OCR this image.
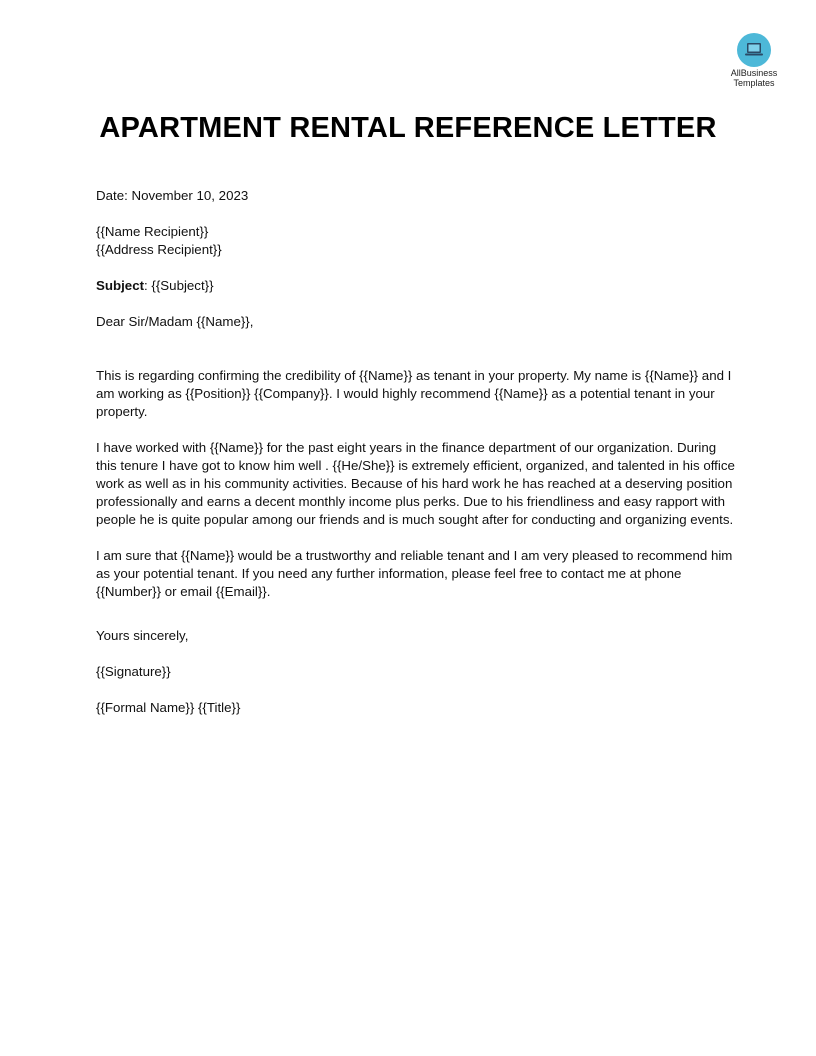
AllBusiness
Templates
APARTMENT RENTAL REFERENCE LETTER

Date: November 10, 2023

{{Name Recipient}}

{{Address Recipient}}

Subject: {{Subject}}

Dear Sir/Madam {{Name}},

This is regarding confirming the credibility of {{Name}} as tenant in your property. My name is {{Name}} and I am working as {{Position}} {{Company}}. I would highly recommend {{Name}} as a potential tenant in your property.

I have worked with {{Name}} for the past eight years in the finance department of our organization. During this tenure I have got to know him well . {{He/She}} is extremely efficient, organized, and talented in his office work as well as in his community activities. Because of his hard work he has reached at a deserving position professionally and earns a decent monthly income plus perks. Due to his friendliness and easy rapport with people he is quite popular among our friends and is much sought after for conducting and organizing events.

I am sure that {{Name}} would be a trustworthy and reliable tenant and I am very pleased to recommend him as your potential tenant. If you need any further information, please feel free to contact me at phone {{Number}} or email {{Email}}.

Yours sincerely,

{{Signature}}

{{Formal Name}} {{Title}}
